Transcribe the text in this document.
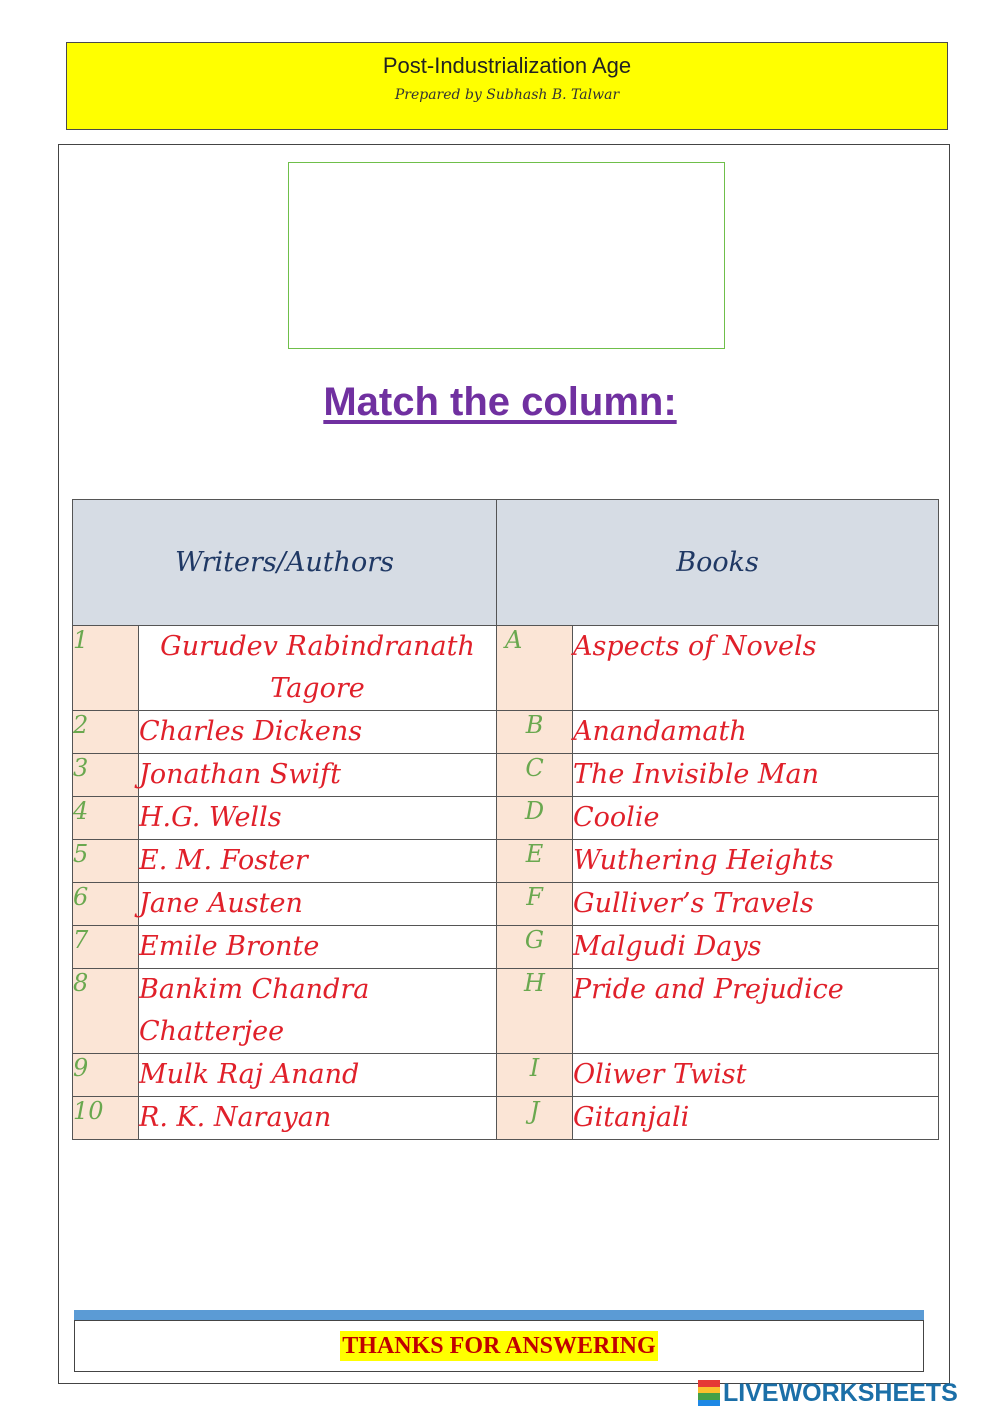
Post-Industrialization Age
Prepared by Subhash B. Talwar
Match the column:
Writers/Authors		Books	
1	Gurudev Rabindranath Tagore	A	Aspects of Novels
2	Charles Dickens	B	Anandamath
3	Jonathan Swift	C	The Invisible Man
4	H.G. Wells	D	Coolie
5	E. M. Foster	E	Wuthering Heights
6	Jane Austen	F	Gulliver’s Travels
7	Emile Bronte	G	Malgudi Days
8	Bankim Chandra Chatterjee	H	Pride and Prejudice
9	Mulk Raj Anand	I	Oliwer Twist
10	R. K. Narayan	J	Gitanjali
THANKS FOR ANSWERING
LIVEWORKSHEETS
